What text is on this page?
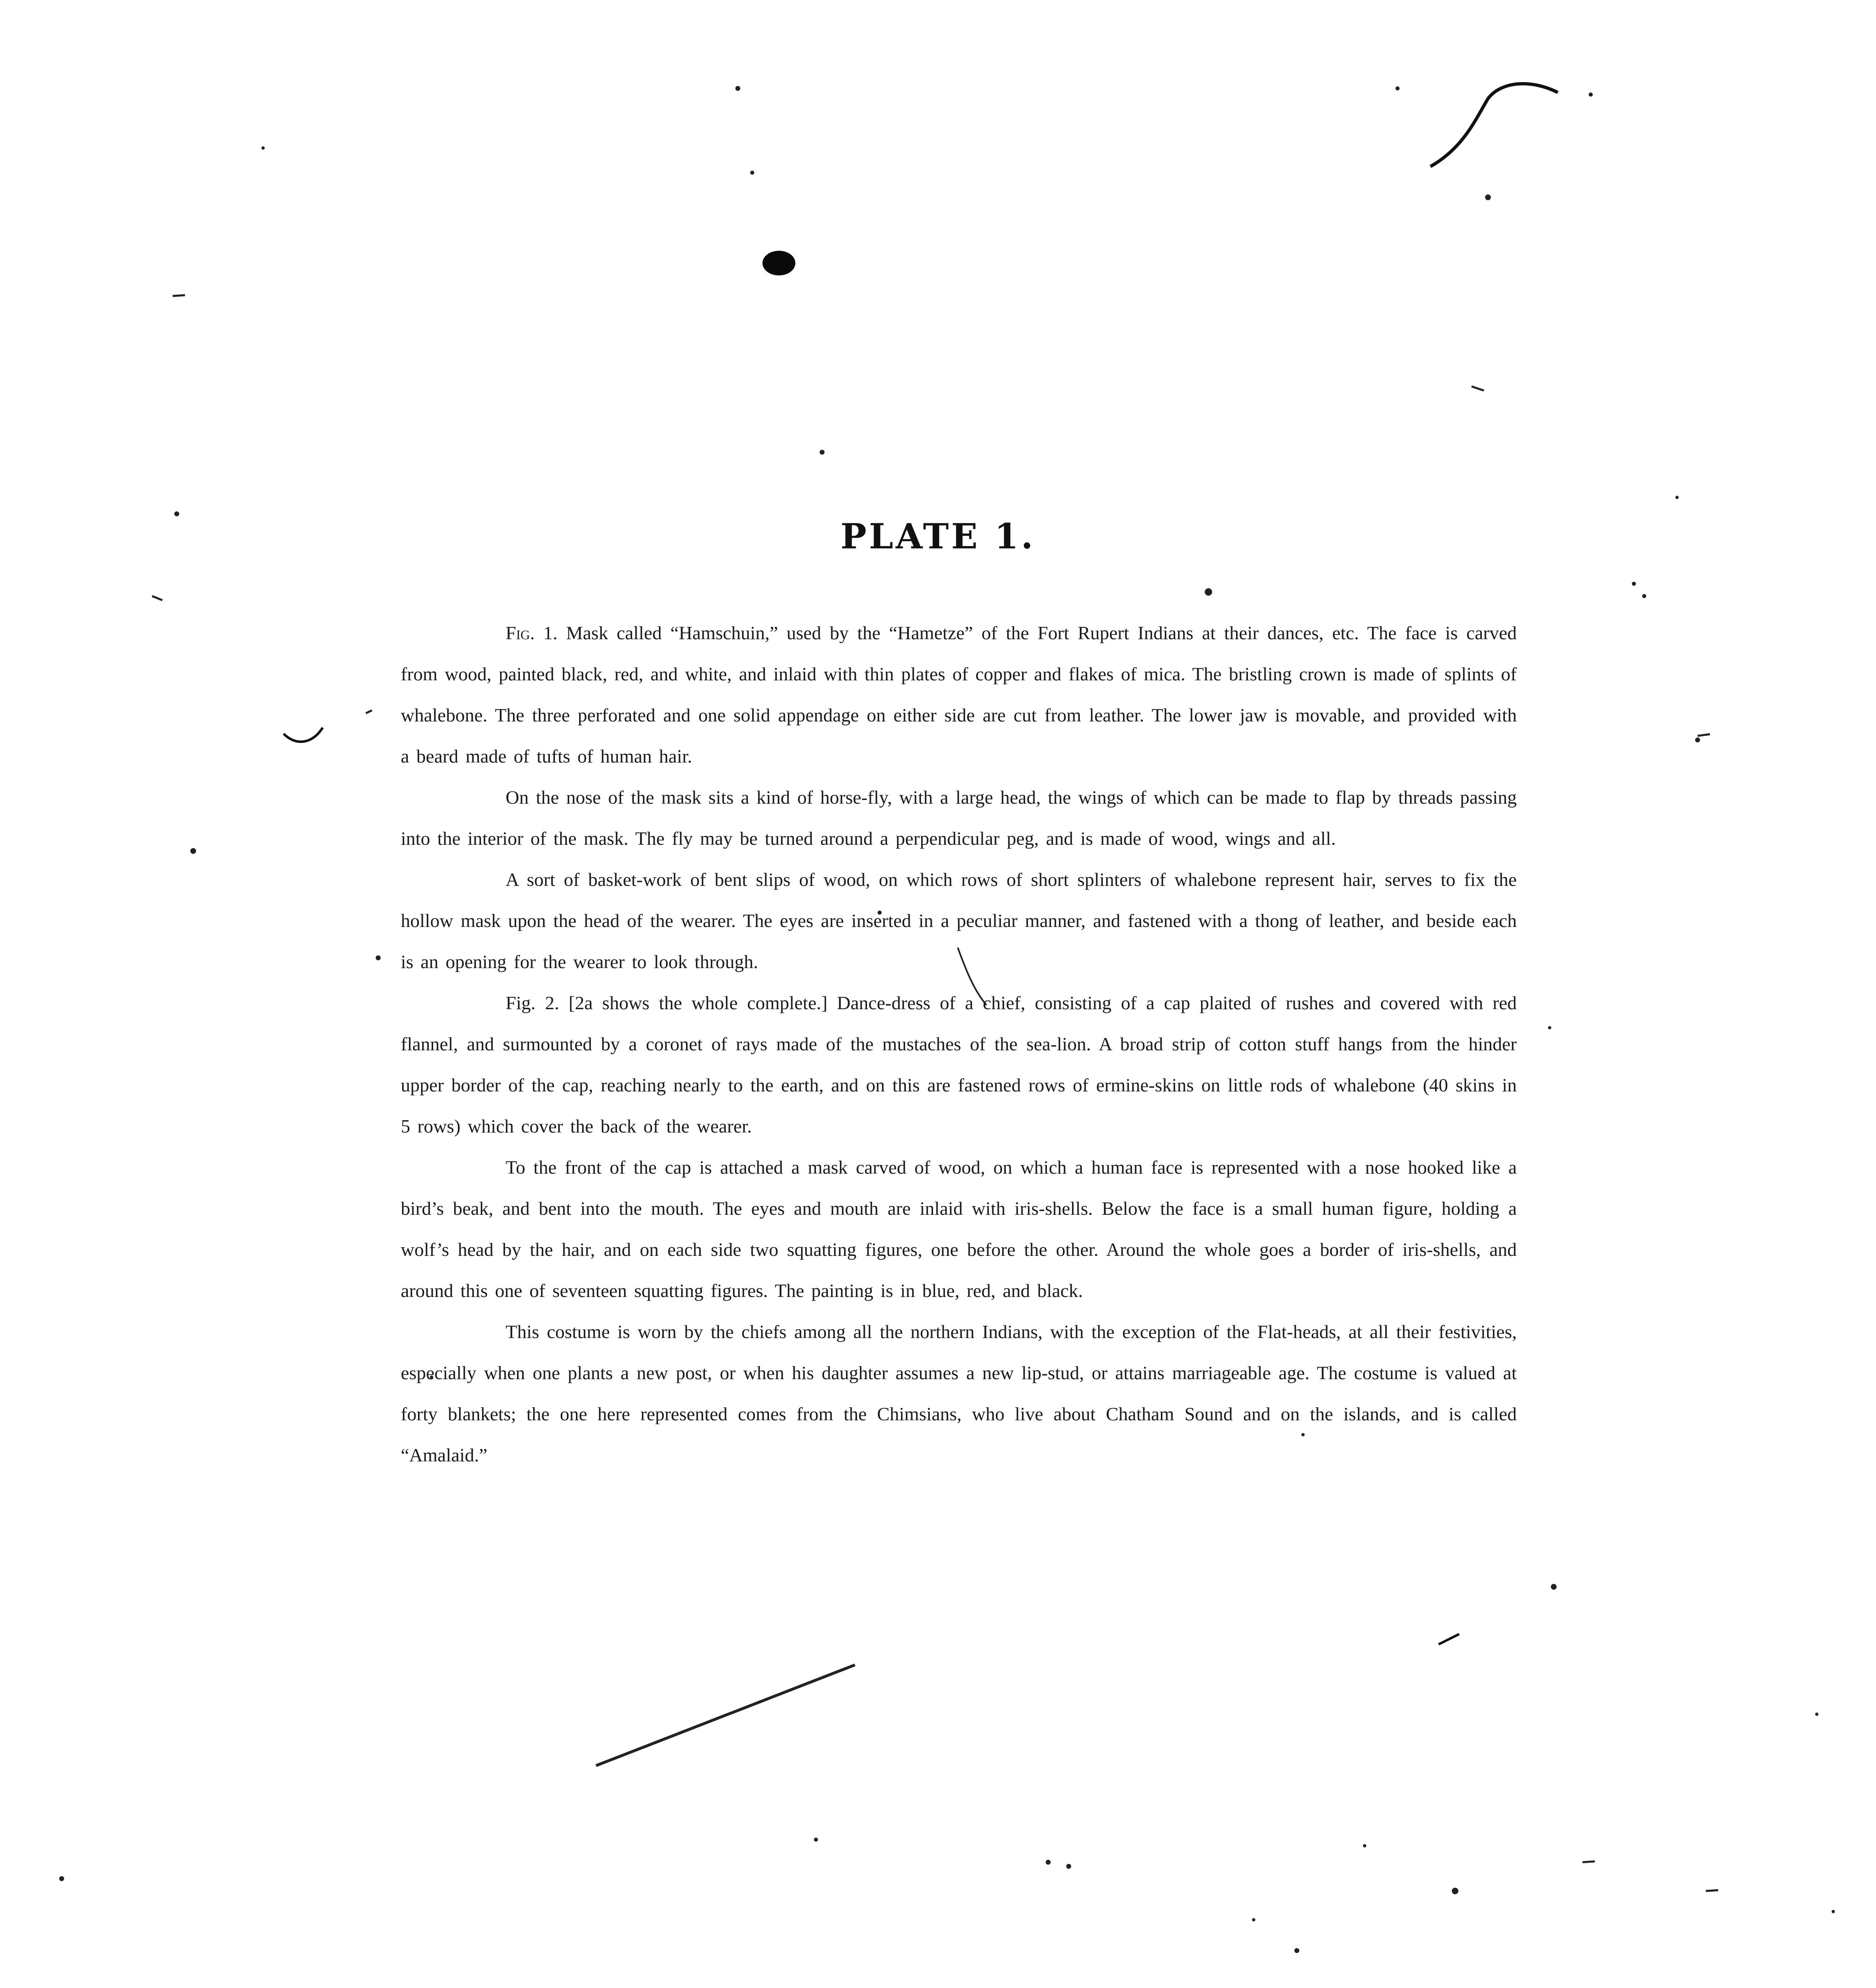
PLATE 1.

Fig. 1. Mask called “Hamschuin,” used by the “Hametze” of the Fort Rupert Indians at their dances, etc. The face is carved from wood, painted black, red, and white, and inlaid with thin plates of copper and flakes of mica. The bristling crown is made of splints of whalebone. The three perforated and one solid appendage on either side are cut from leather. The lower jaw is movable, and provided with a beard made of tufts of human hair.

On the nose of the mask sits a kind of horse-fly, with a large head, the wings of which can be made to flap by threads passing into the interior of the mask. The fly may be turned around a perpendicular peg, and is made of wood, wings and all.

A sort of basket-work of bent slips of wood, on which rows of short splinters of whalebone represent hair, serves to fix the hollow mask upon the head of the wearer. The eyes are inserted in a peculiar manner, and fastened with a thong of leather, and beside each is an opening for the wearer to look through.

Fig. 2. [2a shows the whole complete.] Dance-dress of a chief, consisting of a cap plaited of rushes and covered with red flannel, and surmounted by a coronet of rays made of the mustaches of the sea-lion. A broad strip of cotton stuff hangs from the hinder upper border of the cap, reaching nearly to the earth, and on this are fastened rows of ermine-skins on little rods of whalebone (40 skins in 5 rows) which cover the back of the wearer.

To the front of the cap is attached a mask carved of wood, on which a human face is represented with a nose hooked like a bird’s beak, and bent into the mouth. The eyes and mouth are inlaid with iris-shells. Below the face is a small human figure, holding a wolf’s head by the hair, and on each side two squatting figures, one before the other. Around the whole goes a border of iris-shells, and around this one of seventeen squatting figures. The painting is in blue, red, and black.

This costume is worn by the chiefs among all the northern Indians, with the exception of the Flat-heads, at all their festivities, especially when one plants a new post, or when his daughter assumes a new lip-stud, or attains marriageable age. The costume is valued at forty blankets; the one here represented comes from the Chimsians, who live about Chatham Sound and on the islands, and is called “Amalaid.”
